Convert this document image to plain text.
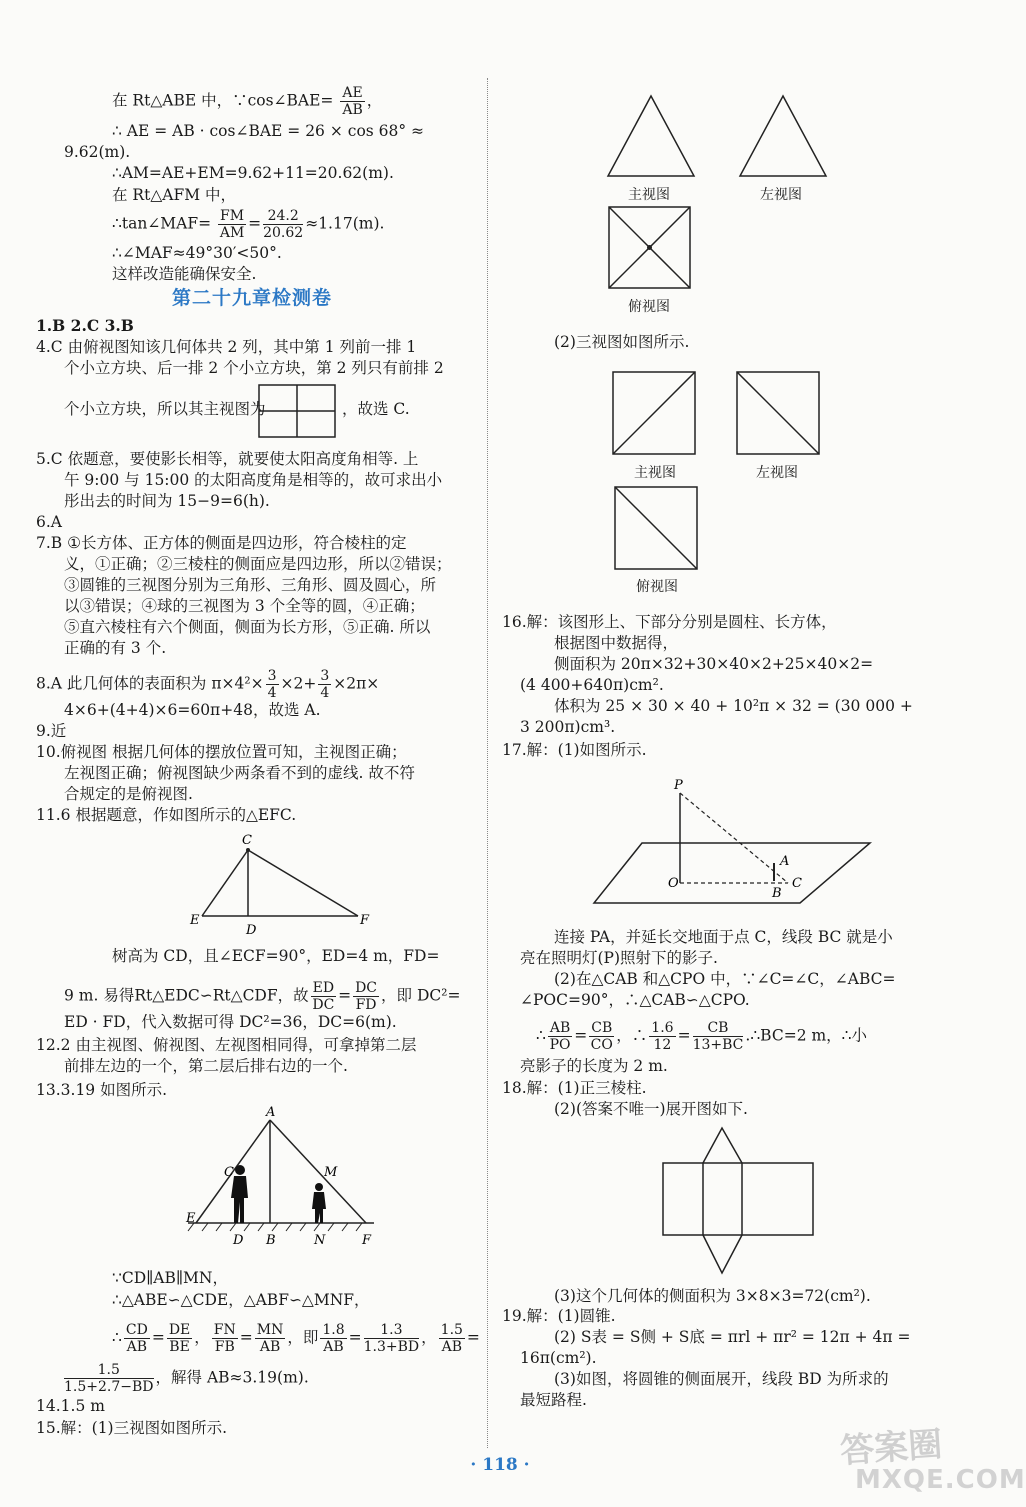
在 Rt△ABE 中，∵cos∠BAE= $\frac{AE}{AB}$ ，
∴ AE = AB · cos∠BAE = 26 × cos 68° ≈
9.62(m).
∴AM=AE+EM=9.62+11=20.62(m).
在 Rt△AFM 中，
∴tan∠MAF= $\frac{FM}{AM} = \frac{24.2}{20.62} \approx 1.17(m)$.
∴∠MAF≈49°30′<50°.
这样改造能确保安全.
第二十九章检测卷
1.B 2.C 3.B
4.C 由俯视图知该几何体共 2 列，其中第 1 列前一排 1
个小立方块、后一排 2 个小立方块，第 2 列只有前排 2
个小立方块，所以其主视图为	，故选 C.
5.C 依题意，要使影长相等，就要使太阳高度角相等. 上
午 9:00 与 15:00 的太阳高度角是相等的，故可求出小
彤出去的时间为 15−9=6(h).
6.A
7.B ①长方体、正方体的侧面是四边形，符合棱柱的定
义，①正确；②三棱柱的侧面应是四边形，所以②错误；
③圆锥的三视图分别为三角形、三角形、圆及圆心，所
以③错误；④球的三视图为 3 个全等的圆，④正确；
⑤直六棱柱有六个侧面，侧面为长方形，⑤正确. 所以
正确的有 3 个.
8.A 此几何体的表面积为 $\pi\times 4^2\times \frac{3}{4} \times 2+ \frac{3}{4} \times 2\pi\times$
4×6+(4+4)×6=60π+48，故选 A.
9.近
10.俯视图 根据几何体的摆放位置可知，主视图正确；
左视图正确；俯视图缺少两条看不到的虚线. 故不符
合规定的是俯视图.
11.6 根据题意，作如图所示的△EFC.
C
E
D
F
树高为 CD，且∠ECF=90°，ED=4 m，FD=
9 m. 易得Rt△EDC∽Rt△CDF，故 $\frac{ED}{DC} = \frac{DC}{FD}$ ，即 DC²=
ED · FD，代入数据可得 DC²=36，DC=6(m).
12.2 由主视图、俯视图、左视图相同得，可拿掉第二层
前排左边的一个，第二层后排右边的一个.
13.3.19 如图所示.
A
C	M
E
D B	N	F
∵CD∥AB∥MN，
∴△ABE∽△CDE，△ABF∽△MNF，
∴ $\frac{CD}{AB} = \frac{DE}{BE}$ ， $\frac{FN}{FB} = \frac{MN}{AB}$ ，即 $\frac{1.8}{AB} = \frac{1.3}{1.3+BD}$ ， $\frac{1.5}{AB}$ =
$\frac{1.5}{1.5+2.7-BD}$ ，解得 AB≈3.19(m).
14.1.5 m
15.解：(1)三视图如图所示.
主视图	左视图
俯视图
(2)三视图如图所示.
主视图	左视图
俯视图
16.解：该图形上、下部分分别是圆柱、长方体，
根据图中数据得，
侧面积为 20π×32+30×40×2+25×40×2=
(4 400+640π)cm².
体积为 25 × 30 × 40 + 10²π × 32 = (30 000 +
3 200π)cm³.
17.解：(1)如图所示.
P
A
O
B
C
连接 PA，并延长交地面于点 C，线段 BC 就是小
亮在照明灯(P)照射下的影子.
(2)在△CAB 和△CPO 中，∵∠C=∠C，∠ABC=
∠POC=90°，∴△CAB∽△CPO.
∴ $\frac{AB}{PO} = \frac{CB}{CO}$ ，∴ $\frac{1.6}{12} = \frac{CB}{13+BC}$ .∴BC=2 m，∴小
亮影子的长度为 2 m.
18.解：(1)正三棱柱.
(2)(答案不唯一)展开图如下.
(3)这个几何体的侧面积为 3×8×3=72(cm²).
19.解：(1)圆锥.
(2) S表 = S侧 + S底 = πrl + πr² = 12π + 4π =
16π(cm²).
(3)如图，将圆锥的侧面展开，线段 BD 为所求的
最短路程.
· 118 ·	答案圈
MXQE.COM
